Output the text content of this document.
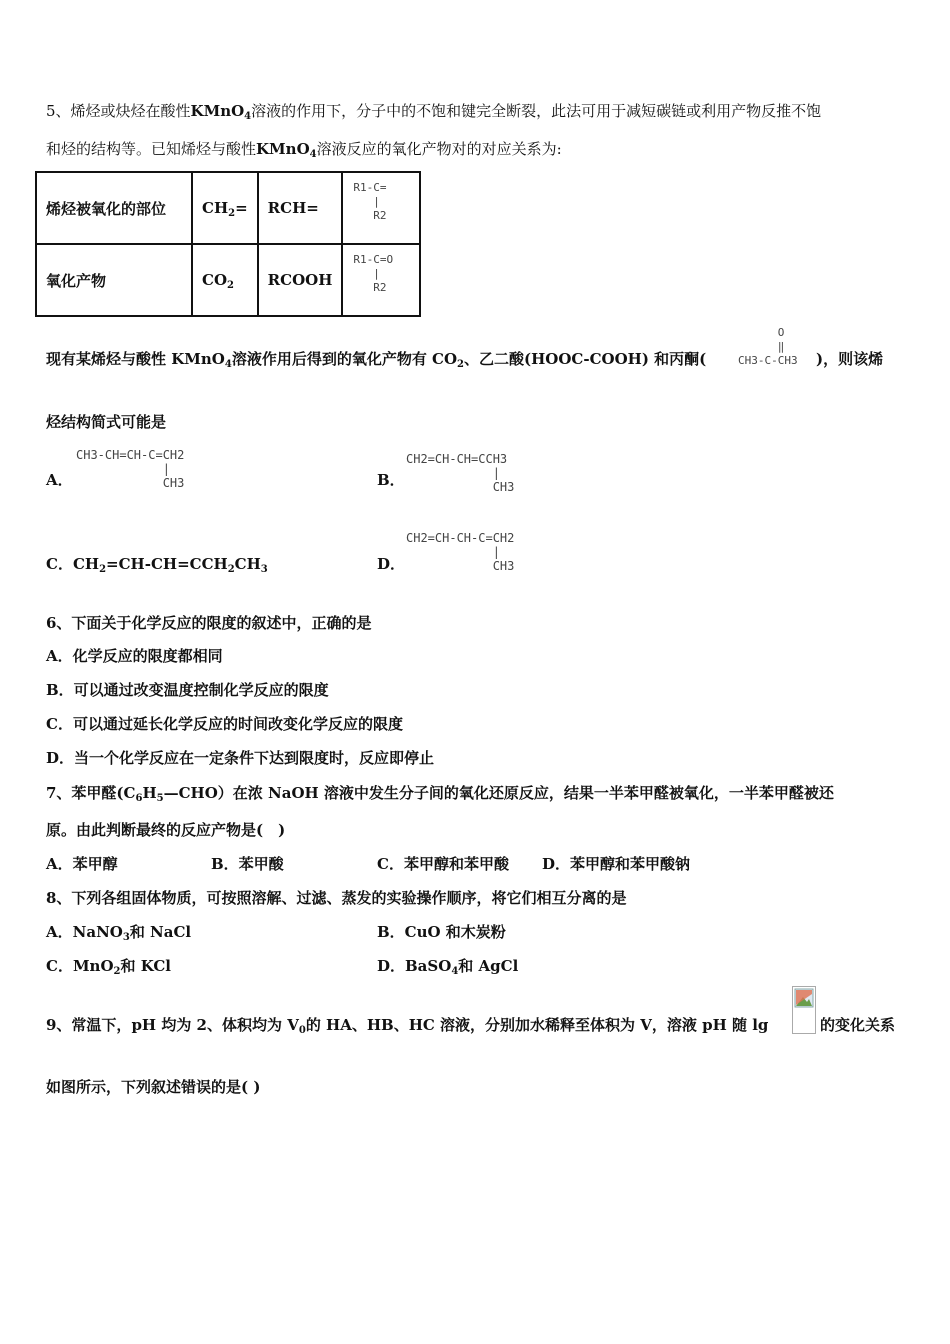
5、烯烃或炔烃在酸性KMnO$_4$溶液的作用下，分子中的不饱和键完全断裂，此法可用于减短碳链或利用产物反推不饱
和烃的结构等。已知烯烃与酸性KMnO$_4$溶液反应的氧化产物对的对应关系为:
烯烃被氧化的部位	$CH_2=$	RCH=	R1-C=
|
R2

氧化产物	$CO_2$	RCOOH	R1-C=O
|
R2
现有某烯烃与酸性 KMnO$_4$溶液作用后得到的氧化产物有 $CO_2$、乙二酸(HOOC-COOH) 和丙酮(
O
‖
CH3-C-CH3 )，则该烯
烃结构简式可能是
A．
CH3-CH=CH-C=CH2
|
CH3	B．
CH2=CH-CH=CCH3
|
CH3
C．$CH_2=CH-CH=CCH_2CH_3$	D．
CH2=CH-CH-C=CH2
|
CH3
6、下面关于化学反应的限度的叙述中，正确的是
A．化学反应的限度都相同
B．可以通过改变温度控制化学反应的限度
C．可以通过延长化学反应的时间改变化学反应的限度
D．当一个化学反应在一定条件下达到限度时，反应即停止
7、苯甲醛$(C_6H_5—CHO)$在浓 NaOH 溶液中发生分子间的氧化还原反应，结果一半苯甲醛被氧化，一半苯甲醛被还
原。由此判断最终的反应产物是(　)
A．苯甲醇	B．苯甲酸	C．苯甲醇和苯甲酸 D．苯甲醇和苯甲酸钠
8、下列各组固体物质，可按照溶解、过滤、蒸发的实验操作顺序，将它们相互分离的是
A．NaNO$_3$和 NaCl	B．CuO 和木炭粉
C．MnO$_2$和 KCl	D．BaSO$_4$和 AgCl
9、常温下，pH 均为 2、体积均为 $V_0$的 HA、HB、HC 溶液，分别加水稀释至体积为 V，溶液 pH 随 lg	的变化关系
如图所示，下列叙述错误的是( )
